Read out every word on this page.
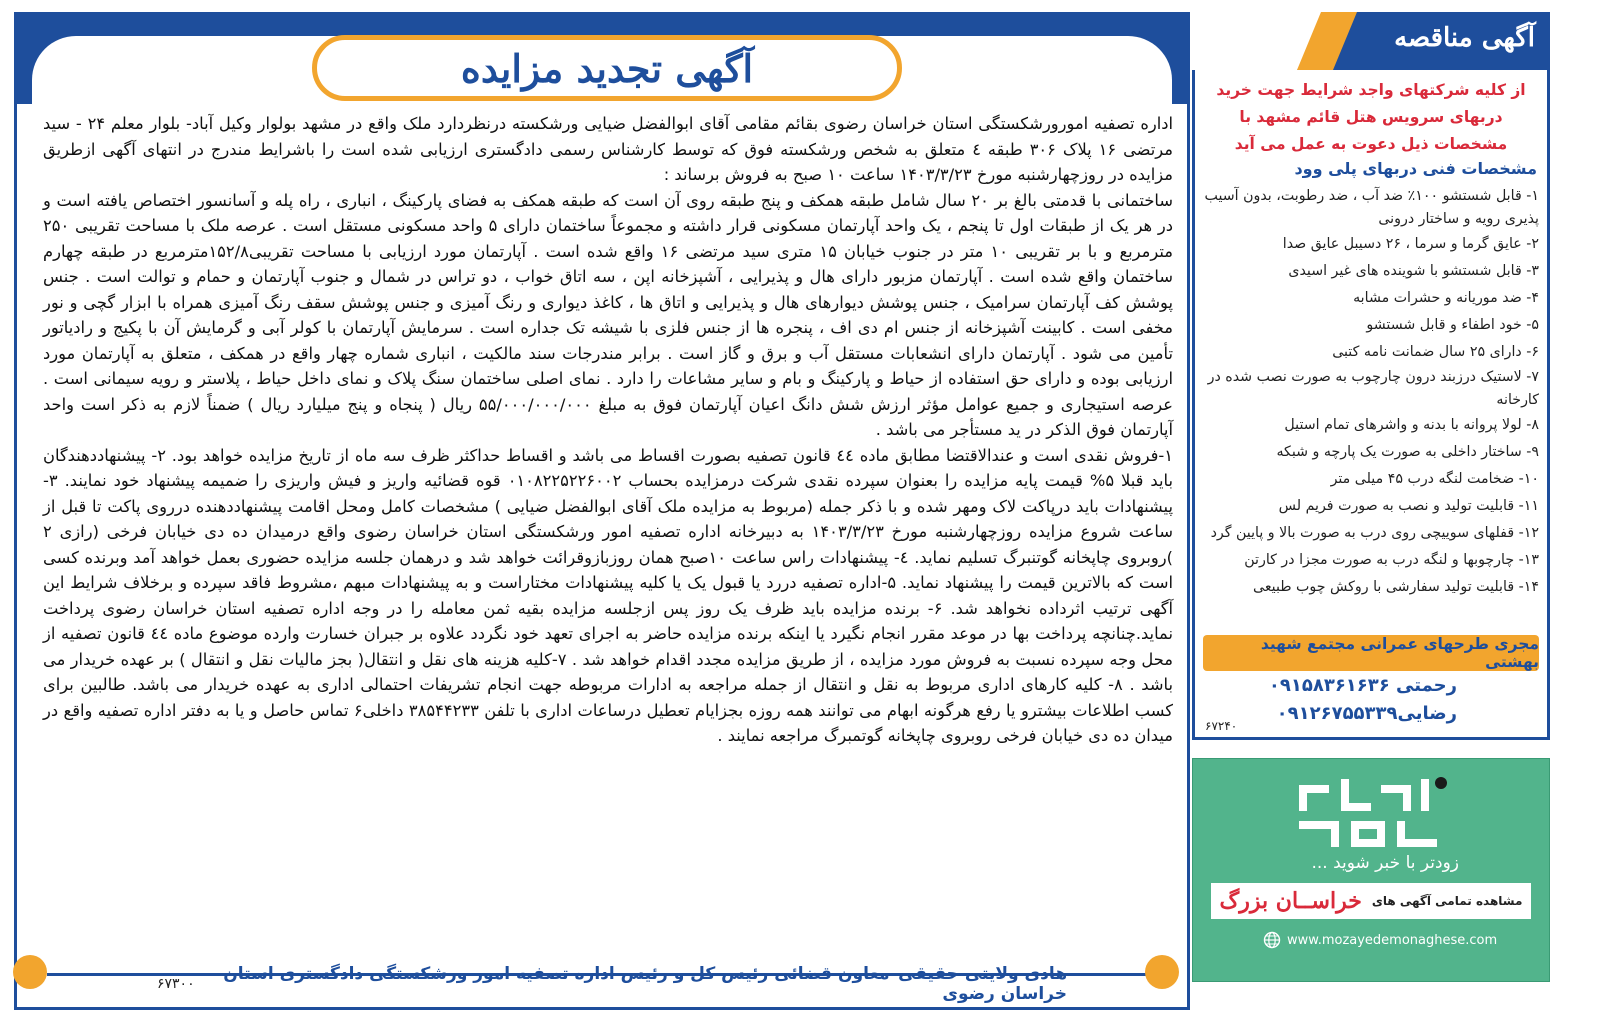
آگهی تجدید مزایده

اداره تصفیه امورورشکستگی استان خراسان رضوی بقائم مقامی آقای ابوالفضل ضیایی ورشکسته درنظردارد ملک واقع در مشهد بولوار وکیل آباد- بلوار معلم ۲۴ - سید مرتضی ۱۶ پلاک ۳۰۶ طبقه ٤ متعلق به شخص ورشکسته فوق که توسط کارشناس رسمی دادگستری ارزیابی شده است را باشرایط مندرج در انتهای آگهی ازطریق مزایده در روزچهارشنبه مورخ ۱۴۰۳/۳/۲۳ ساعت ۱۰ صبح به فروش برساند :

ساختمانی با قدمتی بالغ بر ۲۰ سال شامل طبقه همکف و پنج طبقه روی آن است که طبقه همکف به فضای پارکینگ ، انباری ، راه پله و آسانسور اختصاص یافته است و در هر یک از طبقات اول تا پنجم ، یک واحد آپارتمان مسکونی قرار داشته و مجموعاً ساختمان دارای ۵ واحد مسکونی مستقل است . عرصه ملک با مساحت تقریبی ۲۵۰ مترمربع و با بر تقریبی ۱۰ متر در جنوب خیابان ۱۵ متری سید مرتضی ۱۶ واقع شده است . آپارتمان مورد ارزیابی با مساحت تقریبی۱۵۲/۸مترمربع در طبقه چهارم ساختمان واقع شده است . آپارتمان مزبور دارای هال و پذیرایی ، آشپزخانه اپن ، سه اتاق خواب ، دو تراس در شمال و جنوب آپارتمان و حمام و توالت است . جنس پوشش کف آپارتمان سرامیک ، جنس پوشش دیوارهای هال و پذیرایی و اتاق ها ، کاغذ دیواری و رنگ آمیزی و جنس پوشش سقف رنگ آمیزی همراه با ابزار گچی و نور مخفی است . کابینت آشپزخانه از جنس ام دی اف ، پنجره ها از جنس فلزی با شیشه تک جداره است . سرمایش آپارتمان با کولر آبی و گرمایش آن با پکیج و رادیاتور تأمین می شود . آپارتمان دارای انشعابات مستقل آب و برق و گاز است . برابر مندرجات سند مالکیت ، انباری شماره چهار واقع در همکف ، متعلق به آپارتمان مورد ارزیابی بوده و دارای حق استفاده از حیاط و پارکینگ و بام و سایر مشاعات را دارد . نمای اصلی ساختمان سنگ پلاک و نمای داخل حیاط ، پلاستر و رویه سیمانی است . عرصه استیجاری و جمیع عوامل مؤثر ارزش شش دانگ اعیان آپارتمان فوق به مبلغ ۵۵/۰۰۰/۰۰۰/۰۰۰ ریال ( پنجاه و پنج میلیارد ریال ) ضمناً لازم به ذکر است واحد آپارتمان فوق الذکر در ید مستأجر می باشد .

۱-فروش نقدی است و عندالاقتضا مطابق ماده ٤٤ قانون تصفیه بصورت اقساط می باشد و اقساط حداکثر ظرف سه ماه از تاریخ مزایده خواهد بود. ۲- پیشنهاددهندگان باید قبلا ۵% قیمت پایه مزایده را بعنوان سپرده نقدی شرکت درمزایده بحساب ۰۱۰۸۲۲۵۲۲۶۰۰۲ قوه قضائیه واریز و فیش واریزی را ضمیمه پیشنهاد خود نمایند. ۳- پیشنهادات باید درپاکت لاک ومهر شده و با ذکر جمله (مربوط به مزایده ملک آقای ابوالفضل ضیایی ) مشخصات کامل ومحل اقامت پیشنهاددهنده درروی پاکت تا قبل از ساعت شروع مزایده روزچهارشنبه مورخ ۱۴۰۳/۳/۲۳ به دبیرخانه اداره تصفیه امور ورشکستگی استان خراسان رضوی واقع درمیدان ده دی خیابان فرخی (رازی ۲ )روبروی چاپخانه گوتنبرگ تسلیم نماید. ٤- پیشنهادات راس ساعت ۱۰صبح همان روزبازوقرائت خواهد شد و درهمان جلسه مزایده حضوری بعمل خواهد آمد وبرنده کسی است که بالاترین قیمت را پیشنهاد نماید. ۵-اداره تصفیه دررد یا قبول یک یا کلیه پیشنهادات مختاراست و به پیشنهادات مبهم ،مشروط فاقد سپرده و برخلاف شرایط این آگهی ترتیب اثرداده نخواهد شد. ۶- برنده مزایده باید ظرف یک روز پس ازجلسه مزایده بقیه ثمن معامله را در وجه اداره تصفیه استان خراسان رضوی پرداخت نماید.چنانچه پرداخت بها در موعد مقرر انجام نگیرد یا اینکه برنده مزایده حاضر به اجرای تعهد خود نگردد علاوه بر جبران خسارت وارده موضوع ماده ٤٤ قانون تصفیه از محل وجه سپرده نسبت به فروش مورد مزایده ، از طریق مزایده مجدد اقدام خواهد شد . ۷-کلیه هزینه های نقل و انتقال( بجز مالیات نقل و انتقال ) بر عهده خریدار می باشد . ۸- کلیه کارهای اداری مربوط به نقل و انتقال از جمله مراجعه به ادارات مربوطه جهت انجام تشریفات احتمالی اداری به عهده خریدار می باشد. طالبین برای کسب اطلاعات بیشترو یا رفع هرگونه ابهام می توانند همه روزه بجزایام تعطیل درساعات اداری با تلفن ۳۸۵۴۴۲۳۳ داخلی۶ تماس حاصل و یا به دفتر اداره تصفیه واقع در میدان ده دی خیابان فرخی روبروی چاپخانه گوتمبرگ مراجعه نمایند .

هادی ولایتی حقیقی–معاون قضائی رئیس کل و رئیس اداره تصفیه امور ورشکستگی دادگستری استان خراسان رضوی
۶۷۳۰۰
آگهی مناقصه
از کلیه شرکتهای واجد شرایط جهت خرید دربهای سرویس هتل قائم مشهد با مشخصات ذیل دعوت به عمل می آید
مشخصات فنی دربهای پلی وود
۱- قابل شستشو ۱۰۰٪ ضد آب ، ضد رطوبت، بدون آسیب پذیری رویه و ساختار درونی
۲- عایق گرما و سرما ، ۲۶ دسیبل عایق صدا
۳- قابل شستشو با شوینده های غیر اسیدی
۴- ضد موریانه و حشرات مشابه
۵- خود اطفاء و قابل شستشو
۶- دارای ۲۵ سال ضمانت نامه کتبی
۷- لاستیک درزبند درون چارچوب به صورت نصب شده در کارخانه
۸- لولا پروانه با بدنه و واشرهای تمام استیل
۹- ساختار داخلی به صورت یک پارچه و شبکه
۱۰- ضخامت لنگه درب ۴۵ میلی متر
۱۱- قابلیت تولید و نصب به صورت فریم لس
۱۲- قفلهای سوییچی روی درب به صورت بالا و پایین گرد
۱۳- چارچوبها و لنگه درب به صورت مجزا در کارتن
۱۴- قابلیت تولید سفارشی با روکش چوب طبیعی
مجری طرحهای عمرانی مجتمع شهید بهشتی
رحمتی ۰۹۱۵۸۳۶۱۶۳۶
رضایی۰۹۱۲۶۷۵۵۳۳۹
۶۷۲۴۰
زودتر با خبر شوید ...
مشاهده تمامی آگهی های
خراســان بزرگ
www.mozayedemonaghese.com
